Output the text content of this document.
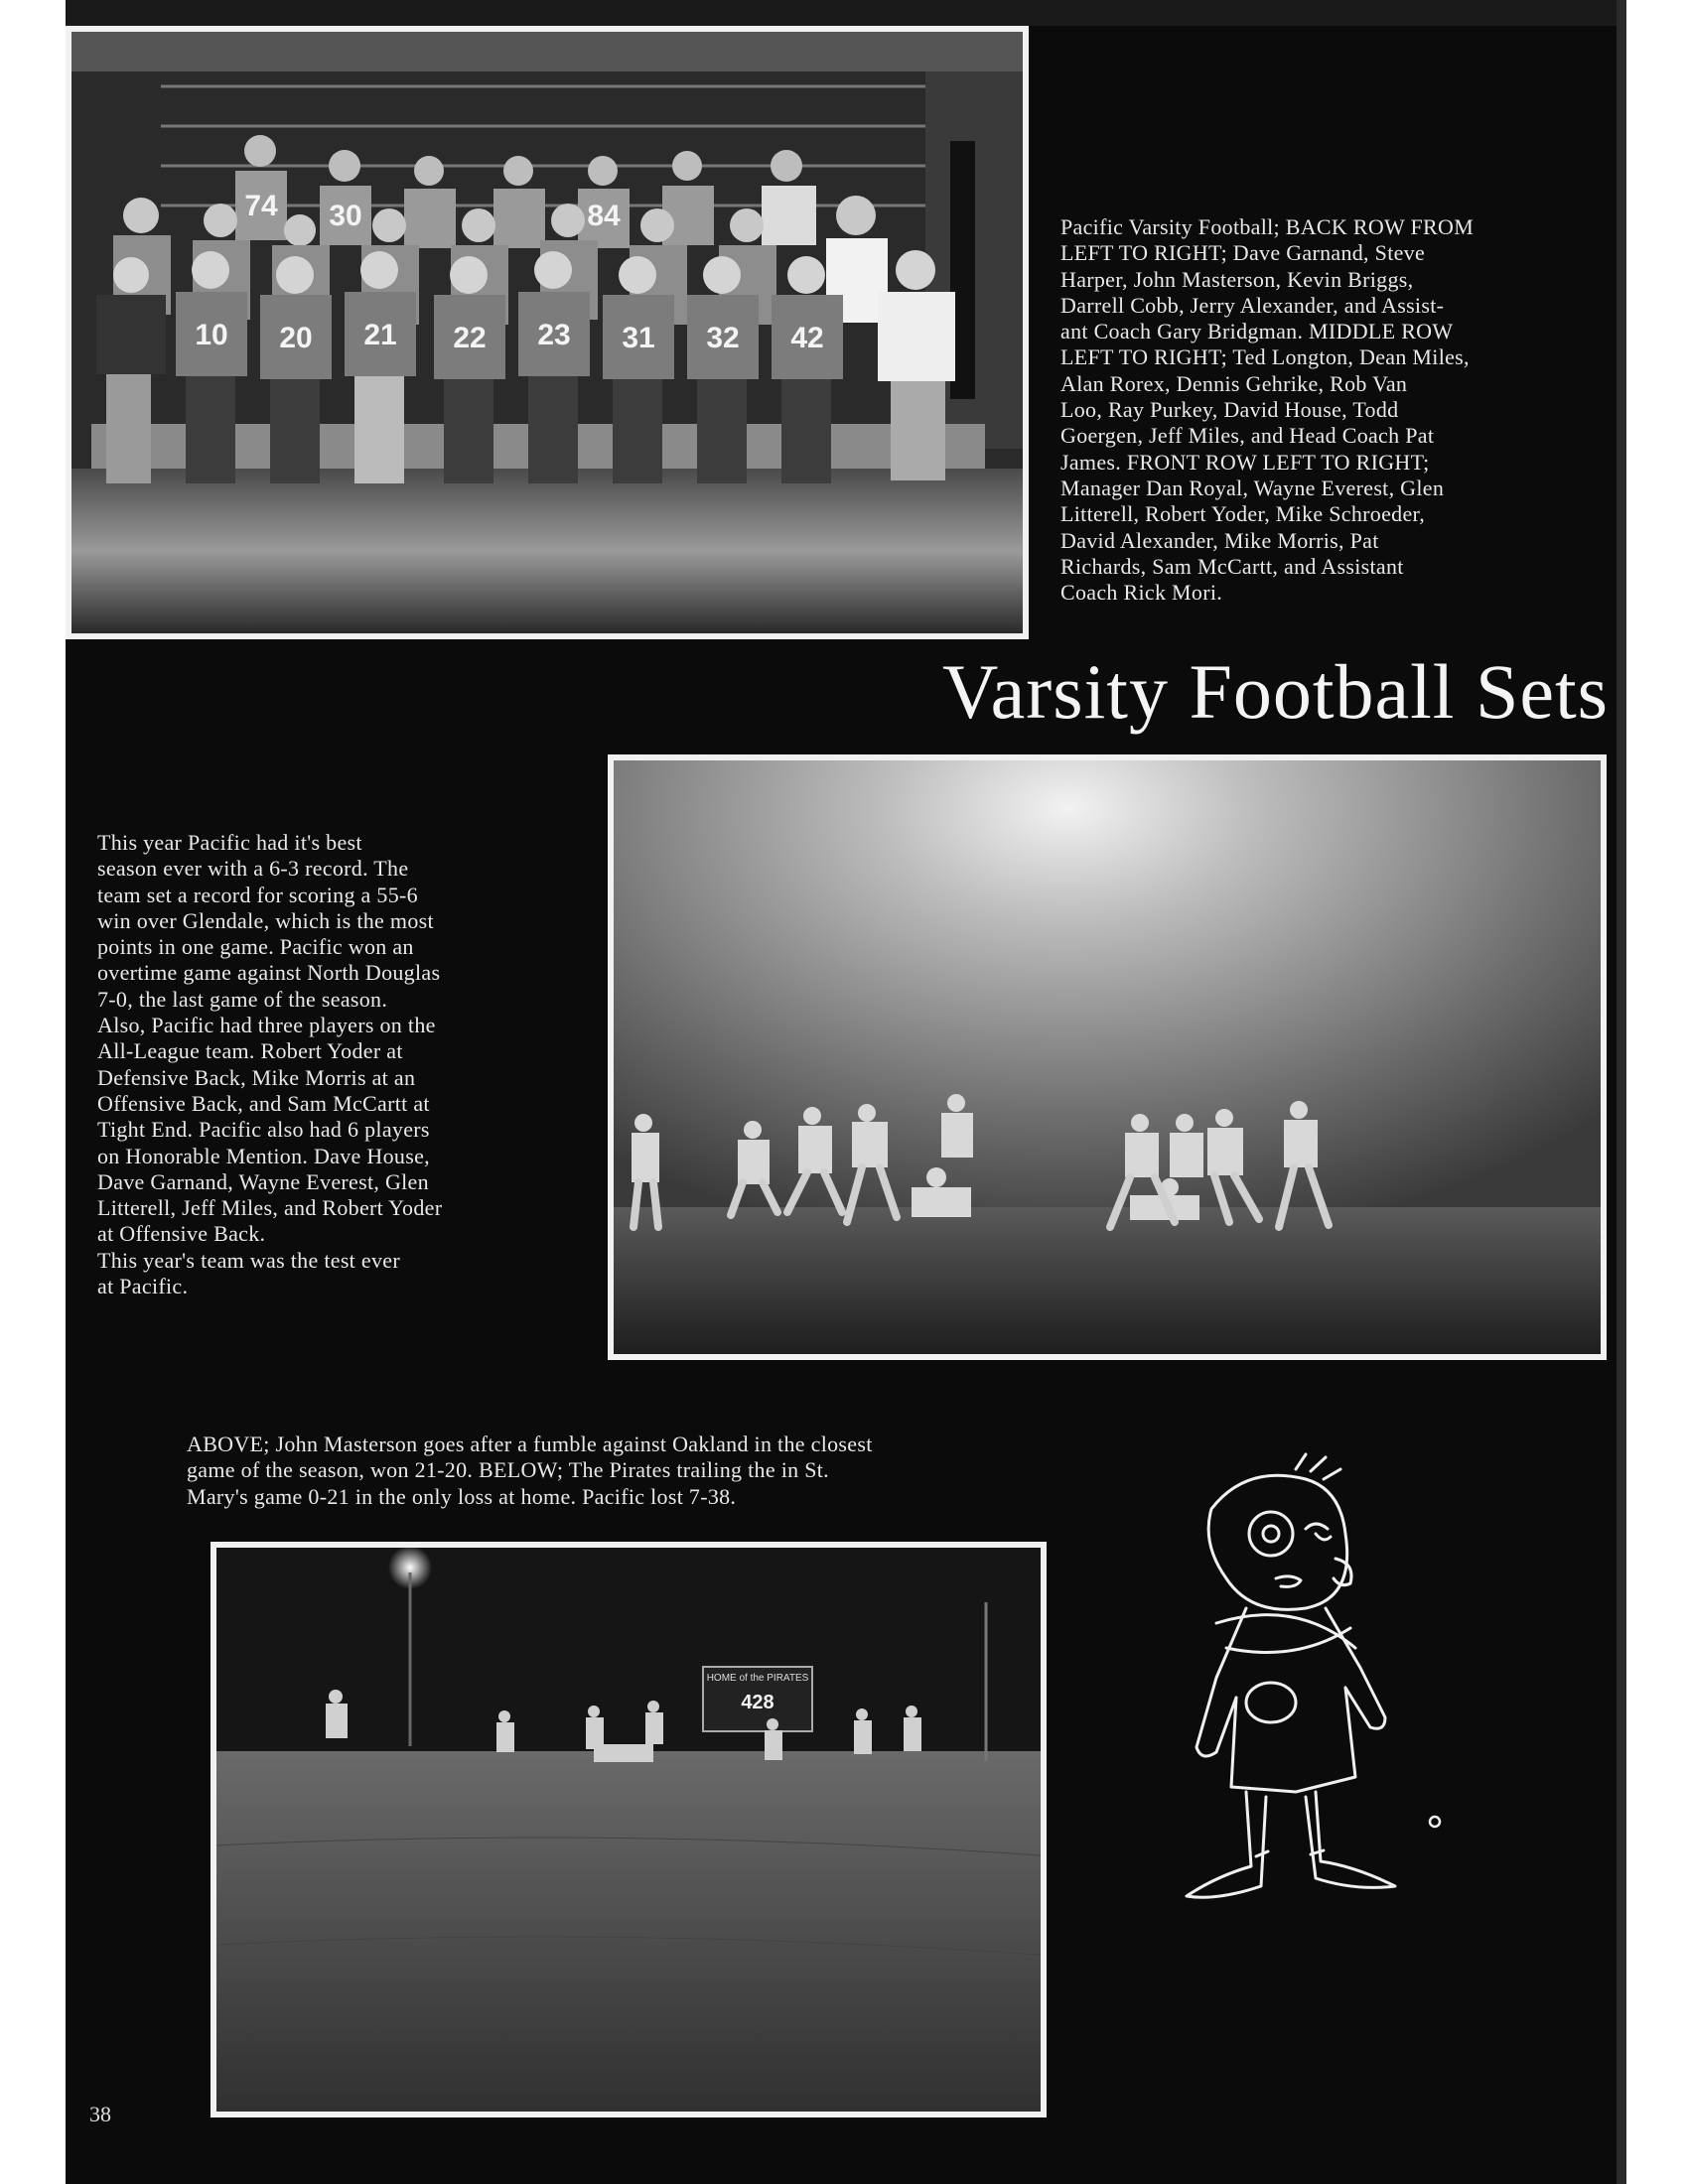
74 30	84
10 20 21 22 23 31 32 42
Pacific Varsity Football; BACK ROW FROM
LEFT TO RIGHT; Dave Garnand, Steve
Harper, John Masterson, Kevin Briggs,
Darrell Cobb, Jerry Alexander, and Assist-
ant Coach Gary Bridgman. MIDDLE ROW
LEFT TO RIGHT; Ted Longton, Dean Miles,
Alan Rorex, Dennis Gehrike, Rob Van
Loo, Ray Purkey, David House, Todd
Goergen, Jeff Miles, and Head Coach Pat
James. FRONT ROW LEFT TO RIGHT;
Manager Dan Royal, Wayne Everest, Glen
Litterell, Robert Yoder, Mike Schroeder,
David Alexander, Mike Morris, Pat
Richards, Sam McCartt, and Assistant
Coach Rick Mori.
Varsity Football Sets
This year Pacific had it's best
season ever with a 6-3 record. The
team set a record for scoring a 55-6
win over Glendale, which is the most
points in one game. Pacific won an
overtime game against North Douglas
7-0, the last game of the season.
Also, Pacific had three players on the
All-League team. Robert Yoder at
Defensive Back, Mike Morris at an
Offensive Back, and Sam McCartt at
Tight End. Pacific also had 6 players
on Honorable Mention. Dave House,
Dave Garnand, Wayne Everest, Glen
Litterell, Jeff Miles, and Robert Yoder
at Offensive Back.
This year's team was the test ever
at Pacific.
ABOVE; John Masterson goes after a fumble against Oakland in the closest
game of the season, won 21-20. BELOW; The Pirates trailing the in St.
Mary's game 0-21 in the only loss at home. Pacific lost 7-38.
HOME of the PIRATES
428
38
